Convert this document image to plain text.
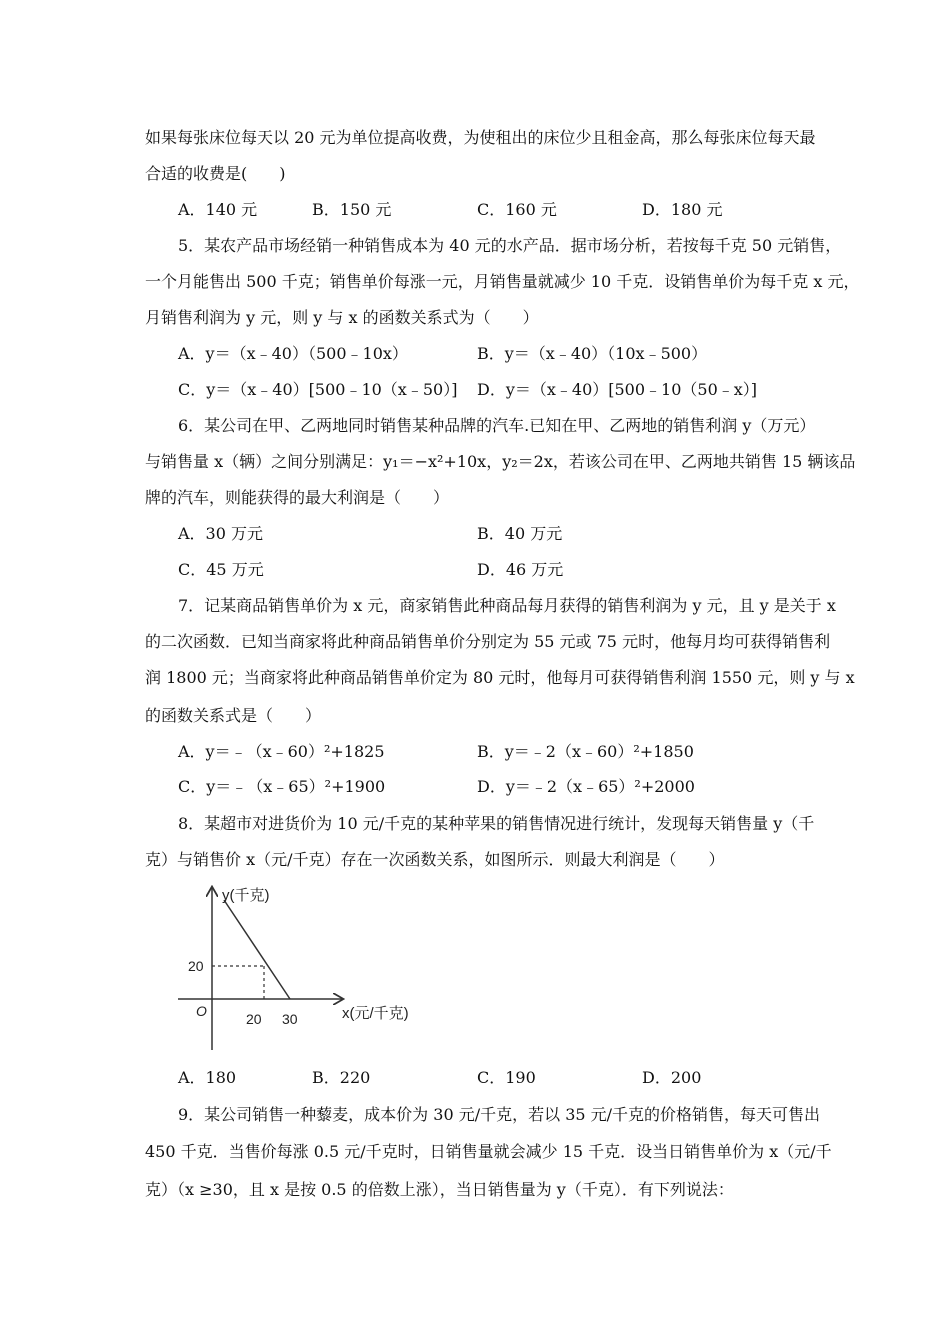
如果每张床位每天以 20 元为单位提高收费，为使租出的床位少且租金高，那么每张床位每天最
合适的收费是(　　)
A．140 元	B．150 元	C．160 元	D．180 元
5．某农产品市场经销一种销售成本为 40 元的水产品．据市场分析，若按每千克 50 元销售，
一个月能售出 500 千克；销售单价每涨一元，月销售量就减少 10 千克．设销售单价为每千克 x 元，
月销售利润为 y 元，则 y 与 x 的函数关系式为（　　）
A．y＝（x﹣40）（500﹣10x）	B．y＝（x﹣40）（10x﹣500）
C．y＝（x﹣40）[500﹣10（x﹣50）] D．y＝（x﹣40）[500﹣10（50﹣x）]
6．某公司在甲、乙两地同时销售某种品牌的汽车.已知在甲、乙两地的销售利润 y（万元）
与销售量 x（辆）之间分别满足：y₁＝−x²+10x，y₂＝2x，若该公司在甲、乙两地共销售 15 辆该品
牌的汽车，则能获得的最大利润是（　　）
A．30 万元	B．40 万元
C．45 万元	D．46 万元
7．记某商品销售单价为 x 元，商家销售此种商品每月获得的销售利润为 y 元，且 y 是关于 x
的二次函数．已知当商家将此种商品销售单价分别定为 55 元或 75 元时，他每月均可获得销售利
润 1800 元；当商家将此种商品销售单价定为 80 元时，他每月可获得销售利润 1550 元，则 y 与 x
的函数关系式是（　　）
A．y＝﹣（x﹣60）²+1825	B．y＝﹣2（x﹣60）²+1850
C．y＝﹣（x﹣65）²+1900	D．y＝﹣2（x﹣65）²+2000
8．某超市对进货价为 10 元/千克的某种苹果的销售情况进行统计，发现每天销售量 y（千
克）与销售价 x（元/千克）存在一次函数关系，如图所示．则最大利润是（　　）
y(千克)
x(元/千克)
O
20
20 30
A．180	B．220	C．190	D．200
9．某公司销售一种藜麦，成本价为 30 元/千克，若以 35 元/千克的价格销售，每天可售出
450 千克．当售价每涨 0.5 元/千克时，日销售量就会减少 15 千克．设当日销售单价为 x（元/千
克）（x ≥30，且 x 是按 0.5 的倍数上涨），当日销售量为 y（千克）．有下列说法：
